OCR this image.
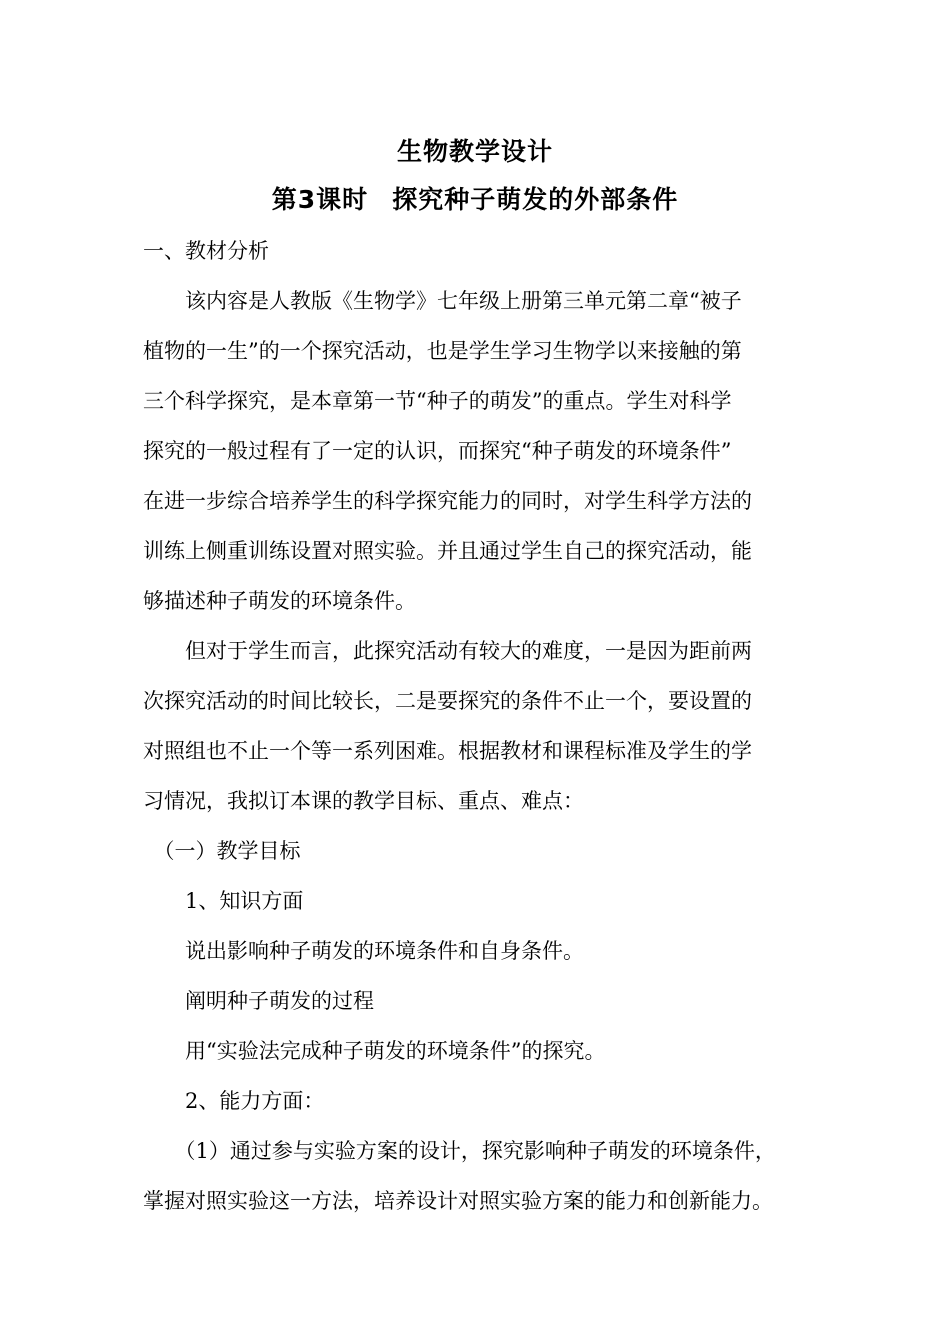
生物教学设计
第3课时 探究种子萌发的外部条件
一、教材分析
　　该内容是人教版《生物学》七年级上册第三单元第二章“被子
植物的一生”的一个探究活动，也是学生学习生物学以来接触的第
三个科学探究，是本章第一节“种子的萌发”的重点。学生对科学
探究的一般过程有了一定的认识，而探究“种子萌发的环境条件”
在进一步综合培养学生的科学探究能力的同时，对学生科学方法的
训练上侧重训练设置对照实验。并且通过学生自己的探究活动，能
够描述种子萌发的环境条件。
　　但对于学生而言，此探究活动有较大的难度，一是因为距前两
次探究活动的时间比较长，二是要探究的条件不止一个，要设置的
对照组也不止一个等一系列困难。根据教材和课程标准及学生的学
习情况，我拟订本课的教学目标、重点、难点：
　（一）教学目标
　　1、知识方面
　　说出影响种子萌发的环境条件和自身条件。
　　阐明种子萌发的过程
　　用“实验法完成种子萌发的环境条件”的探究。
　　2、能力方面：
　　（1）通过参与实验方案的设计，探究影响种子萌发的环境条件，
掌握对照实验这一方法，培养设计对照实验方案的能力和创新能力。
